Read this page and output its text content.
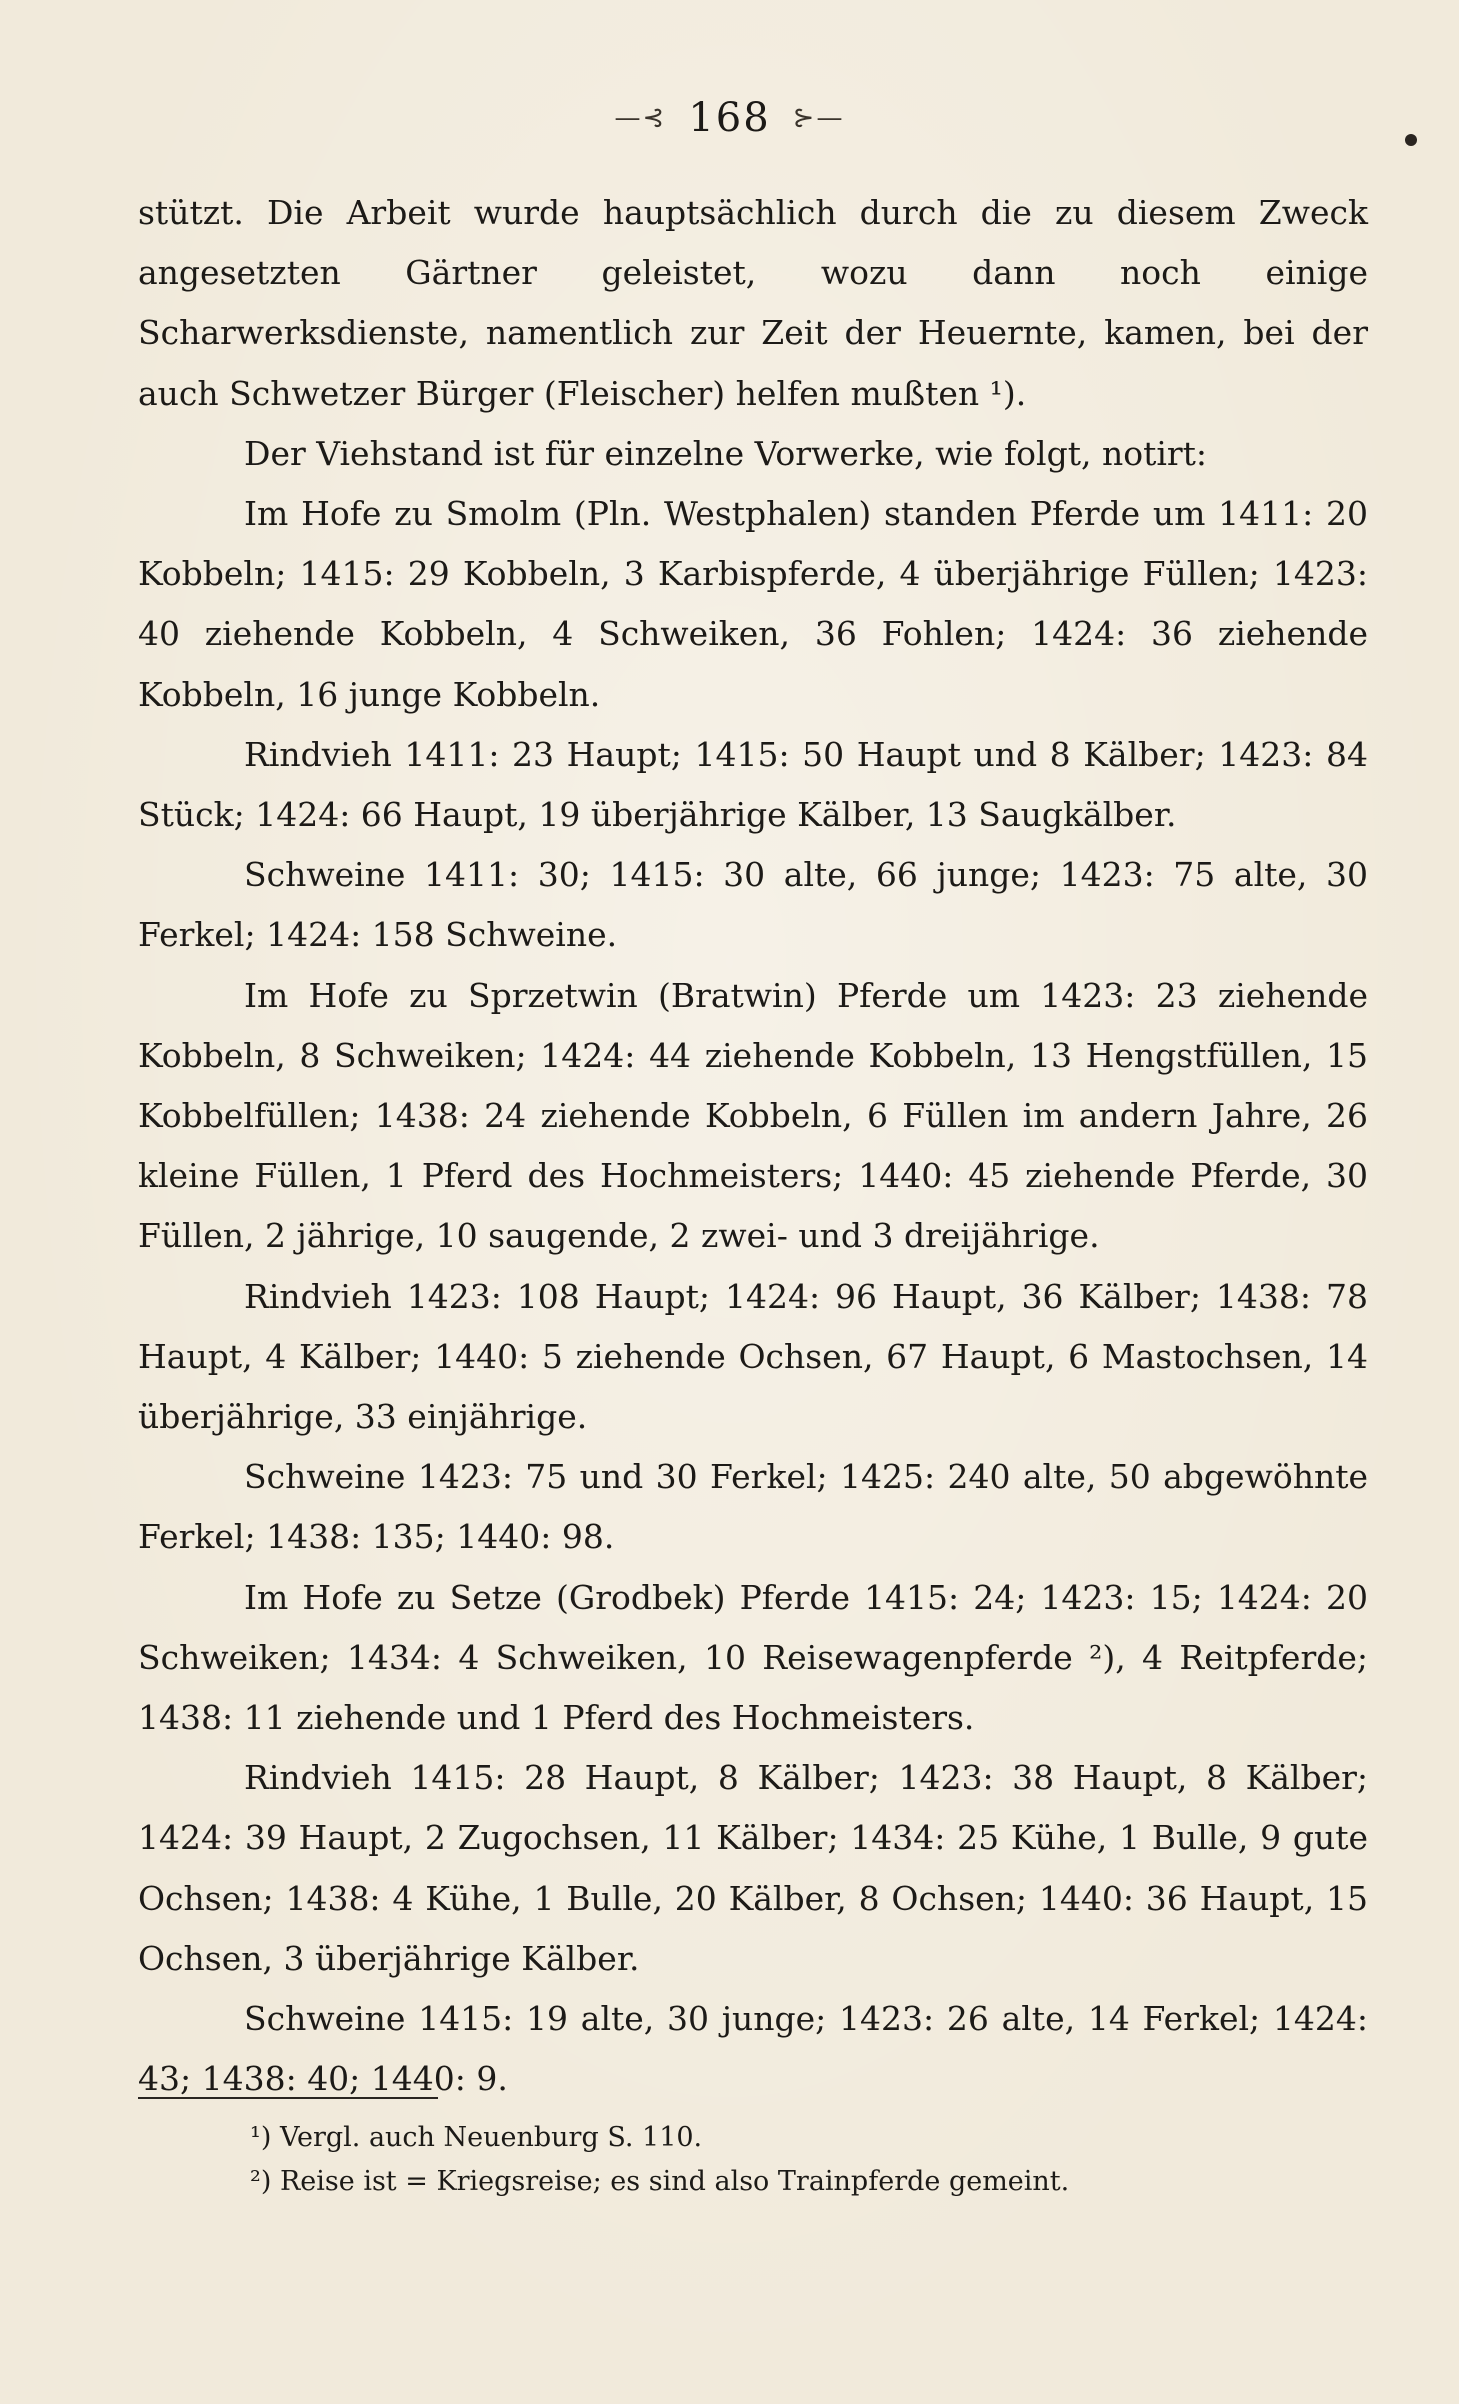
—⊰ 168 ⊱—

stützt. Die Arbeit wurde hauptsächlich durch die zu diesem Zweck angesetzten Gärtner geleistet, wozu dann noch einige Scharwerksdienste, namentlich zur Zeit der Heuernte, kamen, bei der auch Schwetzer Bürger (Fleischer) helfen mußten ¹).

Der Viehstand ist für einzelne Vorwerke, wie folgt, notirt:

Im Hofe zu Smolm (Pln. Westphalen) standen Pferde um 1411: 20 Kobbeln; 1415: 29 Kobbeln, 3 Karbispferde, 4 überjährige Füllen; 1423: 40 ziehende Kobbeln, 4 Schweiken, 36 Fohlen; 1424: 36 ziehende Kobbeln, 16 junge Kobbeln.

Rindvieh 1411: 23 Haupt; 1415: 50 Haupt und 8 Kälber; 1423: 84 Stück; 1424: 66 Haupt, 19 überjährige Kälber, 13 Saugkälber.

Schweine 1411: 30; 1415: 30 alte, 66 junge; 1423: 75 alte, 30 Ferkel; 1424: 158 Schweine.

Im Hofe zu Sprzetwin (Bratwin) Pferde um 1423: 23 ziehende Kobbeln, 8 Schweiken; 1424: 44 ziehende Kobbeln, 13 Hengstfüllen, 15 Kobbelfüllen; 1438: 24 ziehende Kobbeln, 6 Füllen im andern Jahre, 26 kleine Füllen, 1 Pferd des Hochmeisters; 1440: 45 ziehende Pferde, 30 Füllen, 2 jährige, 10 saugende, 2 zwei- und 3 dreijährige.

Rindvieh 1423: 108 Haupt; 1424: 96 Haupt, 36 Kälber; 1438: 78 Haupt, 4 Kälber; 1440: 5 ziehende Ochsen, 67 Haupt, 6 Mastochsen, 14 überjährige, 33 einjährige.

Schweine 1423: 75 und 30 Ferkel; 1425: 240 alte, 50 abgewöhnte Ferkel; 1438: 135; 1440: 98.

Im Hofe zu Setze (Grodbek) Pferde 1415: 24; 1423: 15; 1424: 20 Schweiken; 1434: 4 Schweiken, 10 Reisewagenpferde ²), 4 Reitpferde; 1438: 11 ziehende und 1 Pferd des Hochmeisters.

Rindvieh 1415: 28 Haupt, 8 Kälber; 1423: 38 Haupt, 8 Kälber; 1424: 39 Haupt, 2 Zugochsen, 11 Kälber; 1434: 25 Kühe, 1 Bulle, 9 gute Ochsen; 1438: 4 Kühe, 1 Bulle, 20 Kälber, 8 Ochsen; 1440: 36 Haupt, 15 Ochsen, 3 überjährige Kälber.

Schweine 1415: 19 alte, 30 junge; 1423: 26 alte, 14 Ferkel; 1424: 43; 1438: 40; 1440: 9.

¹) Vergl. auch Neuenburg S. 110.

²) Reise ist = Kriegsreise; es sind also Trainpferde gemeint.
